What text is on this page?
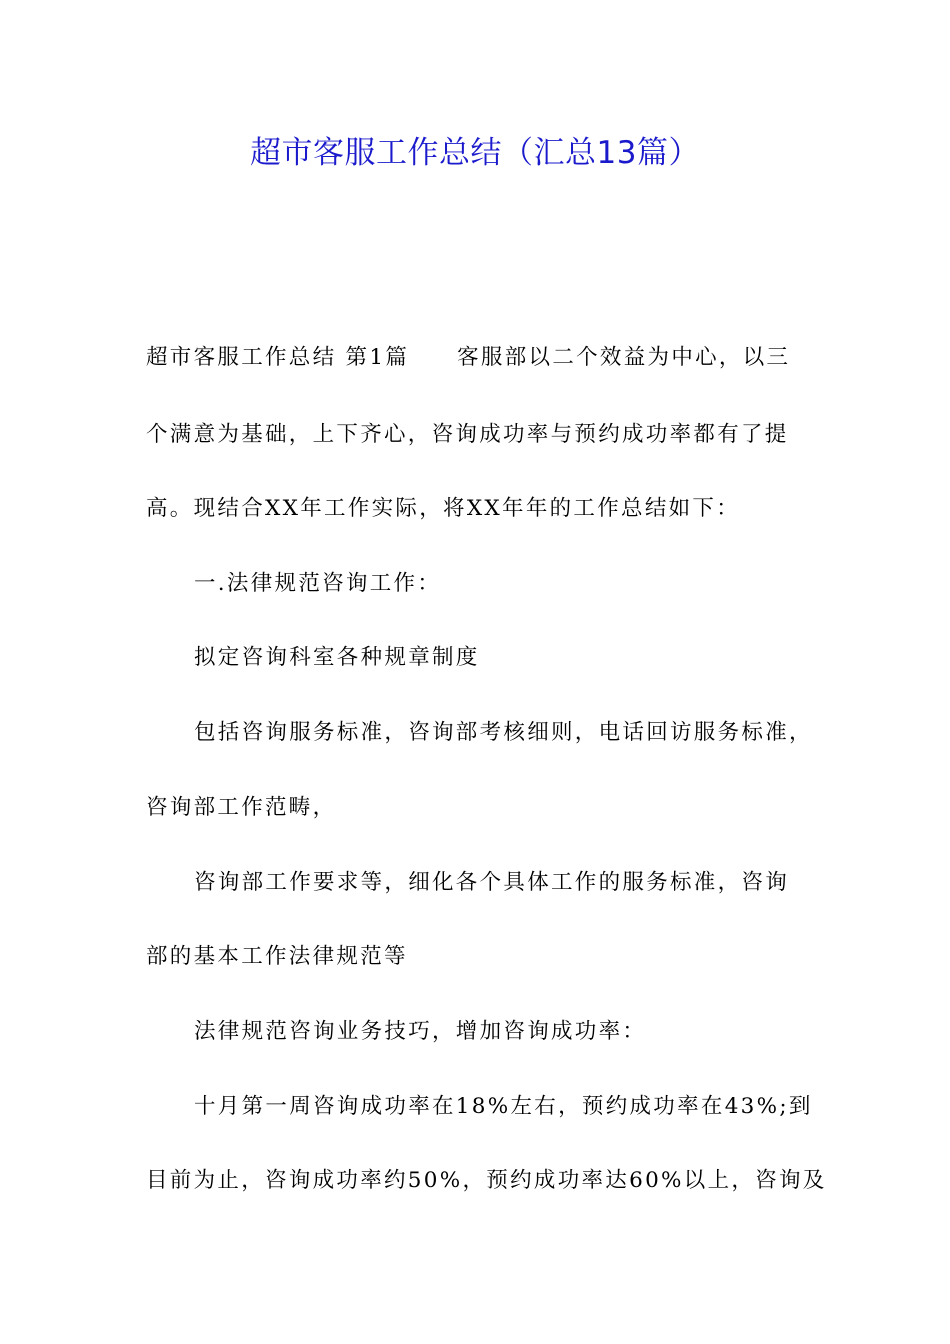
超市客服工作总结（汇总13篇）
超市客服工作总结 第1篇 客服部以二个效益为中心，以三
个满意为基础，上下齐心，咨询成功率与预约成功率都有了提
高。现结合XX年工作实际，将XX年年的工作总结如下：
一.法律规范咨询工作：
拟定咨询科室各种规章制度
包括咨询服务标准，咨询部考核细则，电话回访服务标准，
咨询部工作范畴，
咨询部工作要求等，细化各个具体工作的服务标准，咨询
部的基本工作法律规范等
法律规范咨询业务技巧，增加咨询成功率：
十月第一周咨询成功率在18%左右，预约成功率在43%;到
目前为止，咨询成功率约50%，预约成功率达60%以上，咨询及
